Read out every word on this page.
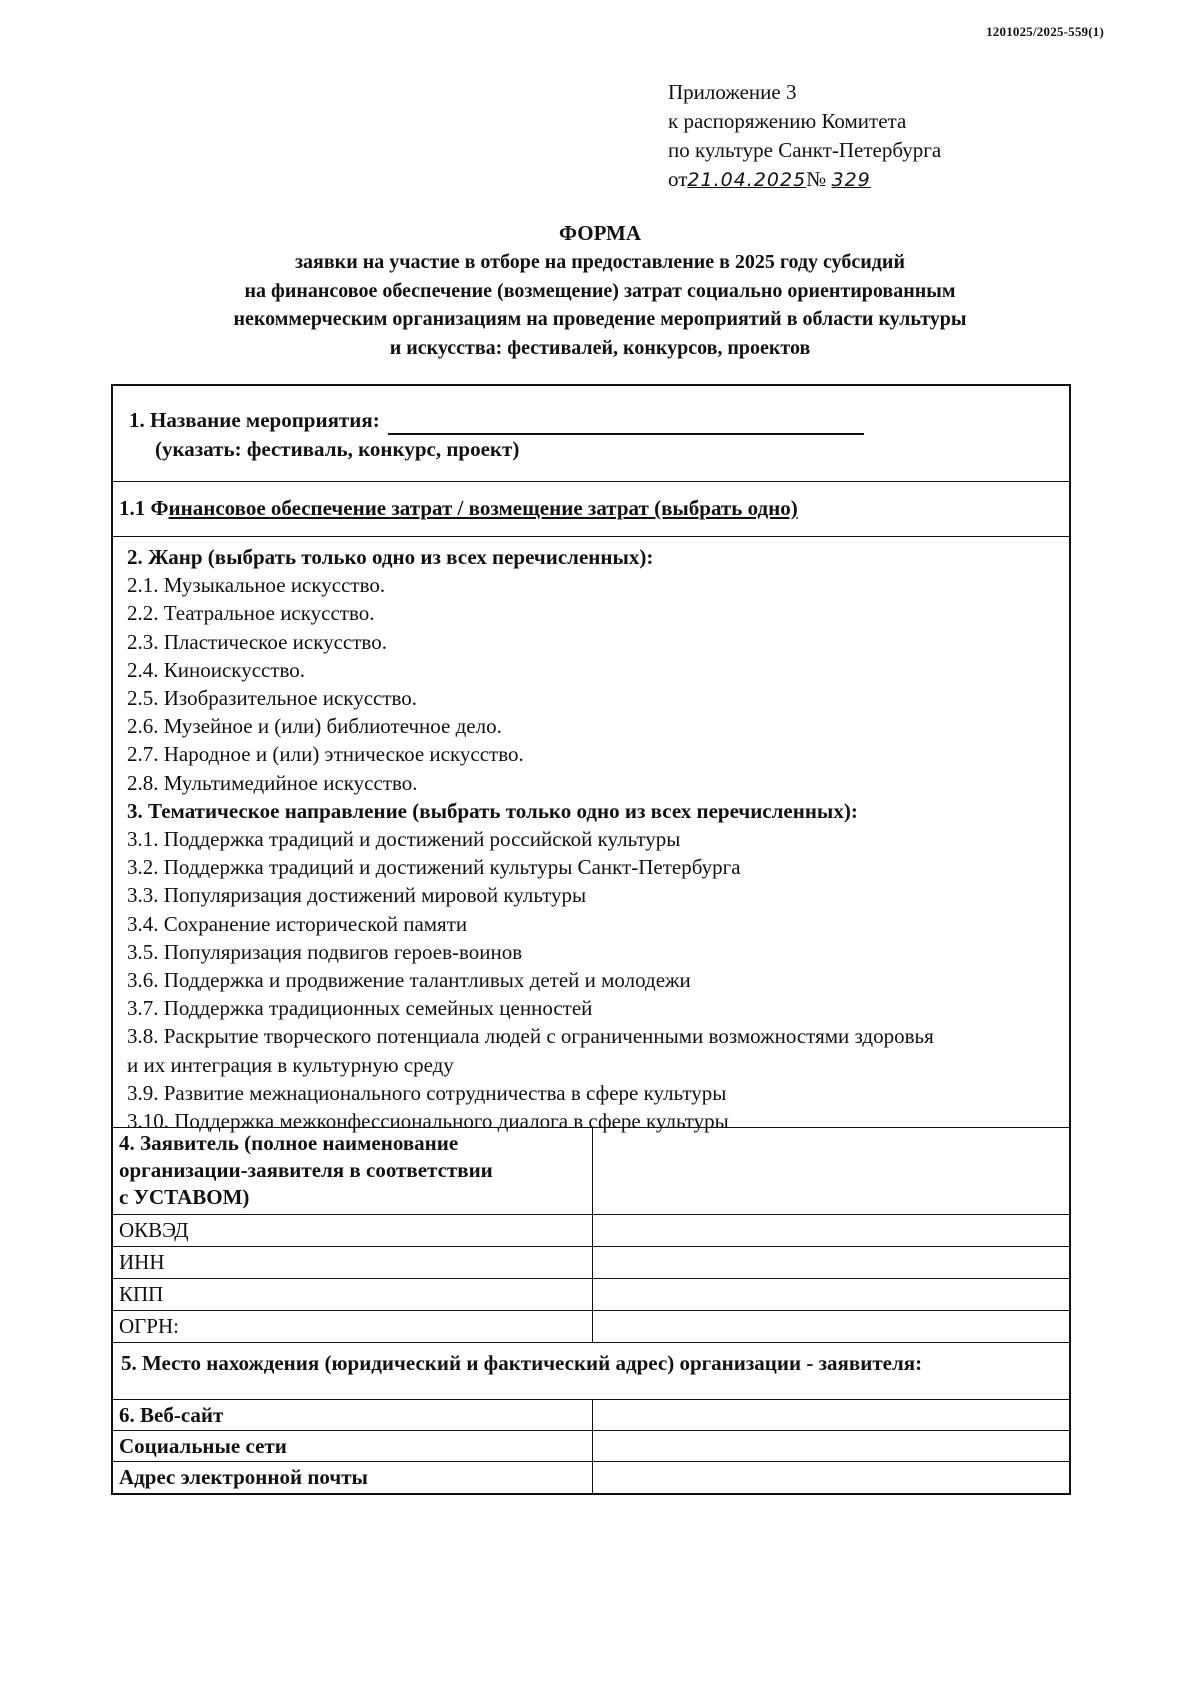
1201025/2025-559(1)
Приложение 3
к распоряжению Комитета
по культуре Санкт-Петербурга
от21.04.2025№ 329
ФОРМА
заявки на участие в отборе на предоставление в 2025 году субсидий
на финансовое обеспечение (возмещение) затрат социально ориентированным
некоммерческим организациям на проведение мероприятий в области культуры
и искусства: фестивалей, конкурсов, проектов
1. Название мероприятия:
(указать: фестиваль, конкурс, проект)
1.1 Финансовое обеспечение затрат / возмещение затрат (выбрать одно)
2. Жанр (выбрать только одно из всех перечисленных):
2.1. Музыкальное искусство.
2.2. Театральное искусство.
2.3. Пластическое искусство.
2.4. Киноискусство.
2.5. Изобразительное искусство.
2.6. Музейное и (или) библиотечное дело.
2.7. Народное и (или) этническое искусство.
2.8. Мультимедийное искусство.
3. Тематическое направление (выбрать только одно из всех перечисленных):
3.1. Поддержка традиций и достижений российской культуры
3.2. Поддержка традиций и достижений культуры Санкт-Петербурга
3.3. Популяризация достижений мировой культуры
3.4. Сохранение исторической памяти
3.5. Популяризация подвигов героев-воинов
3.6. Поддержка и продвижение талантливых детей и молодежи
3.7. Поддержка традиционных семейных ценностей
3.8. Раскрытие творческого потенциала людей с ограниченными возможностями здоровья
и их интеграция в культурную среду
3.9. Развитие межнационального сотрудничества в сфере культуры
3.10. Поддержка межконфессионального диалога в сфере культуры
4. Заявитель (полное наименование
организации-заявителя в соответствии
с УСТАВОМ)
ОКВЭД
ИНН
КПП
ОГРН:
5. Место нахождения (юридический и фактический адрес) организации - заявителя:
6. Веб-сайт
Социальные сети
Адрес электронной почты
